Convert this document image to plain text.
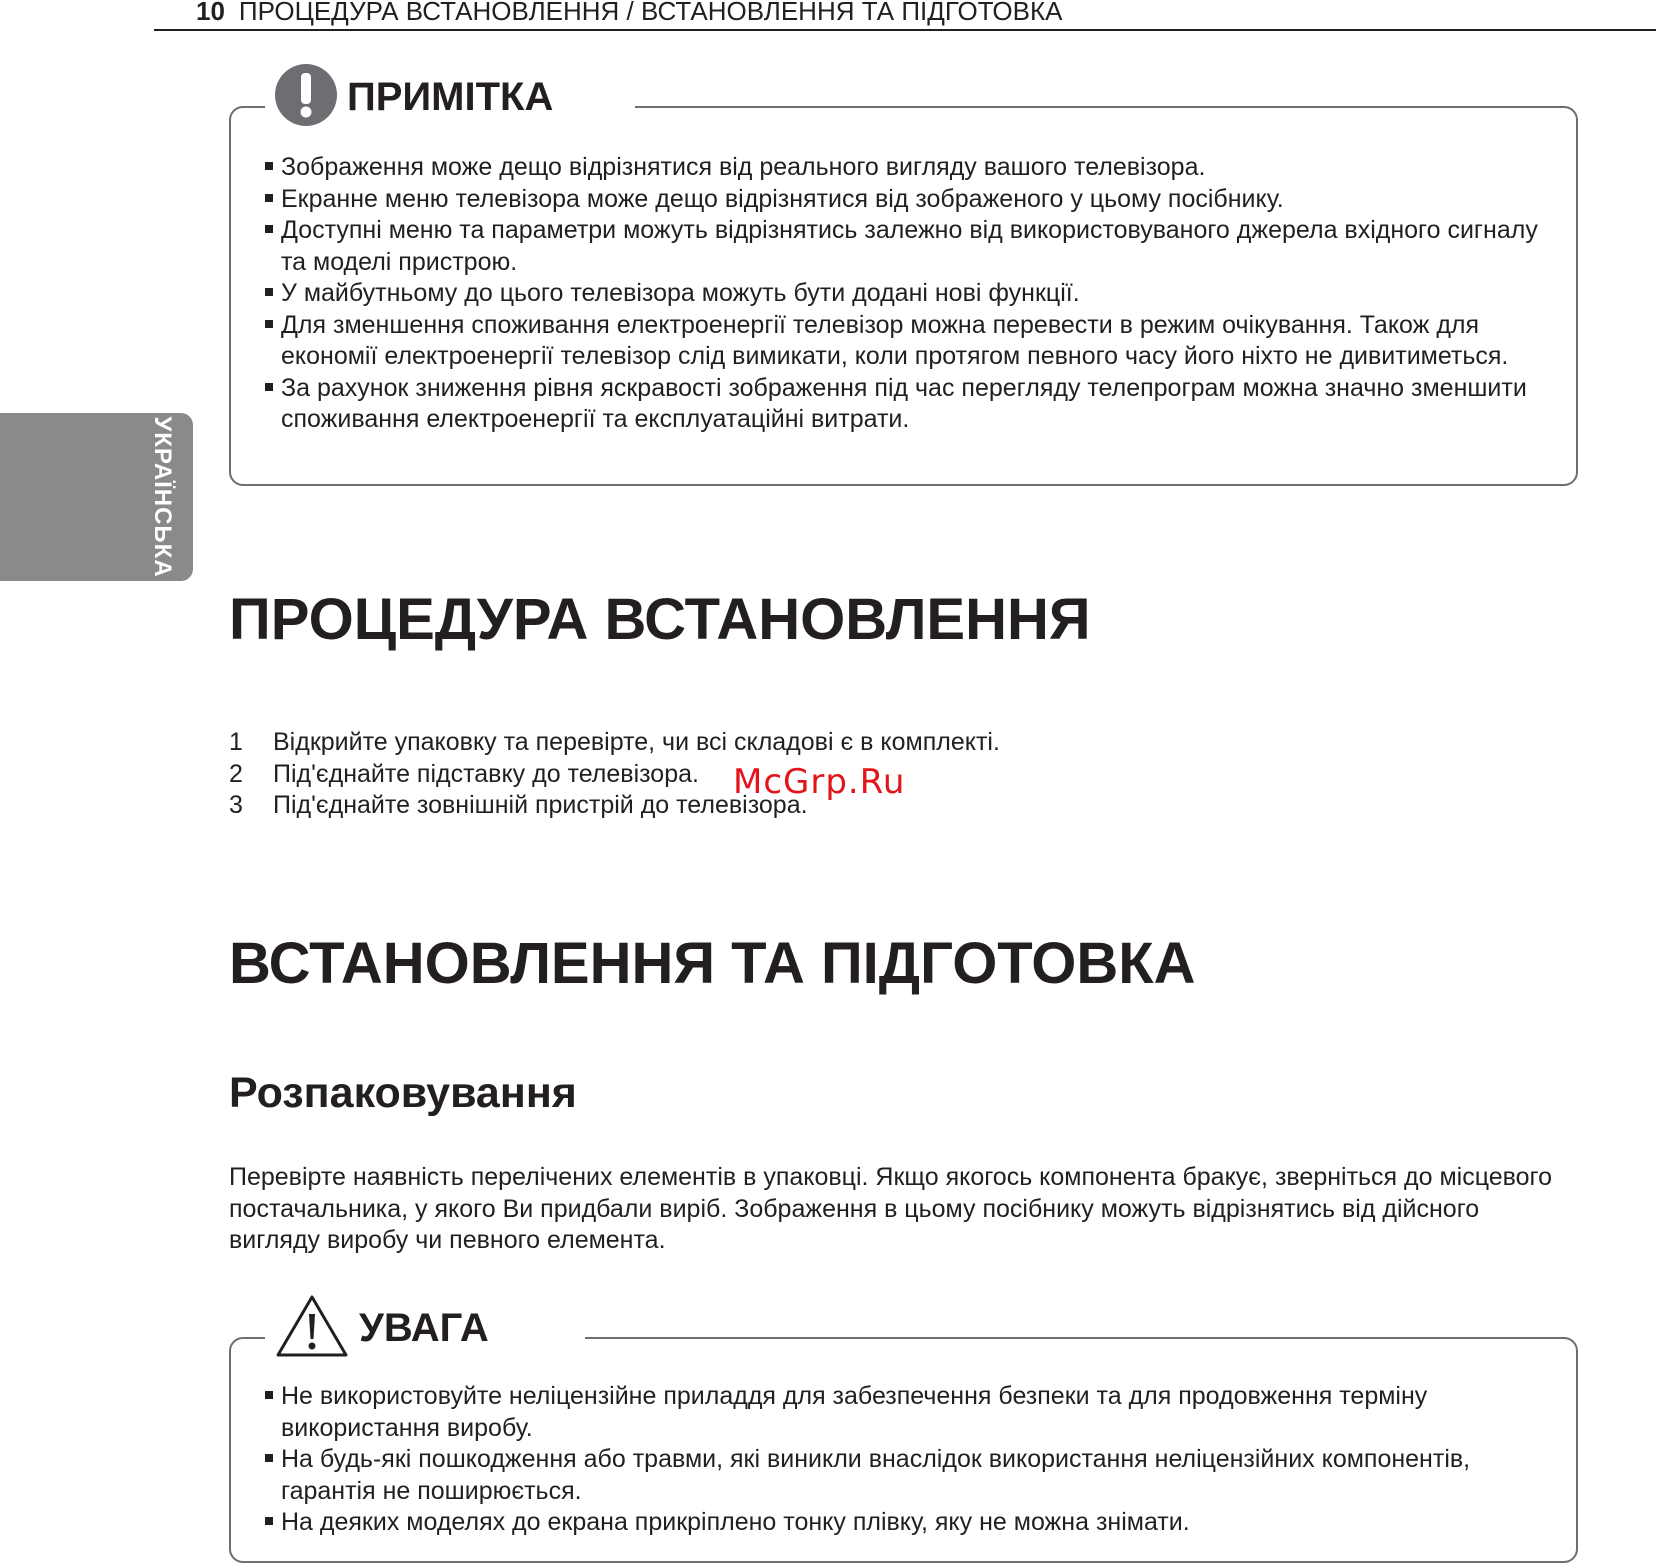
10 ПРОЦЕДУРА ВСТАНОВЛЕННЯ / ВСТАНОВЛЕННЯ ТА ПІДГОТОВКА
УКРАЇНСЬКА
ПРИМІТКА
Зображення може дещо відрізнятися від реального вигляду вашого телевізора.
Екранне меню телевізора може дещо відрізнятися від зображеного у цьому посібнику.
Доступні меню та параметри можуть відрізнятись залежно від використовуваного джерела вхідного сигналу та моделі пристрою.
У майбутньому до цього телевізора можуть бути додані нові функції.
Для зменшення споживання електроенергії телевізор можна перевести в режим очікування. Також для економії електроенергії телевізор слід вимикати, коли протягом певного часу його ніхто не дивитиметься.
За рахунок зниження рівня яскравості зображення під час перегляду телепрограм можна значно зменшити споживання електроенергії та експлуатаційні витрати.
ПРОЦЕДУРА ВСТАНОВЛЕННЯ
1 Відкрийте упаковку та перевірте, чи всі складові є в комплекті.
2 Під'єднайте підставку до телевізора.
3 Під'єднайте зовнішній пристрій до телевізора.
McGrp.Ru
ВСТАНОВЛЕННЯ ТА ПІДГОТОВКА
Розпаковування

Перевірте наявність перелічених елементів в упаковці. Якщо якогось компонента бракує, зверніться до місцевого постачальника, у якого Ви придбали виріб. Зображення в цьому посібнику можуть відрізнятись від дійсного вигляду виробу чи певного елемента.

УВАГА
Не використовуйте неліцензійне приладдя для забезпечення безпеки та для продовження терміну використання виробу.
На будь-які пошкодження або травми, які виникли внаслідок використання неліцензійних компонентів, гарантія не поширюється.
На деяких моделях до екрана прикріплено тонку плівку, яку не можна знімати.
